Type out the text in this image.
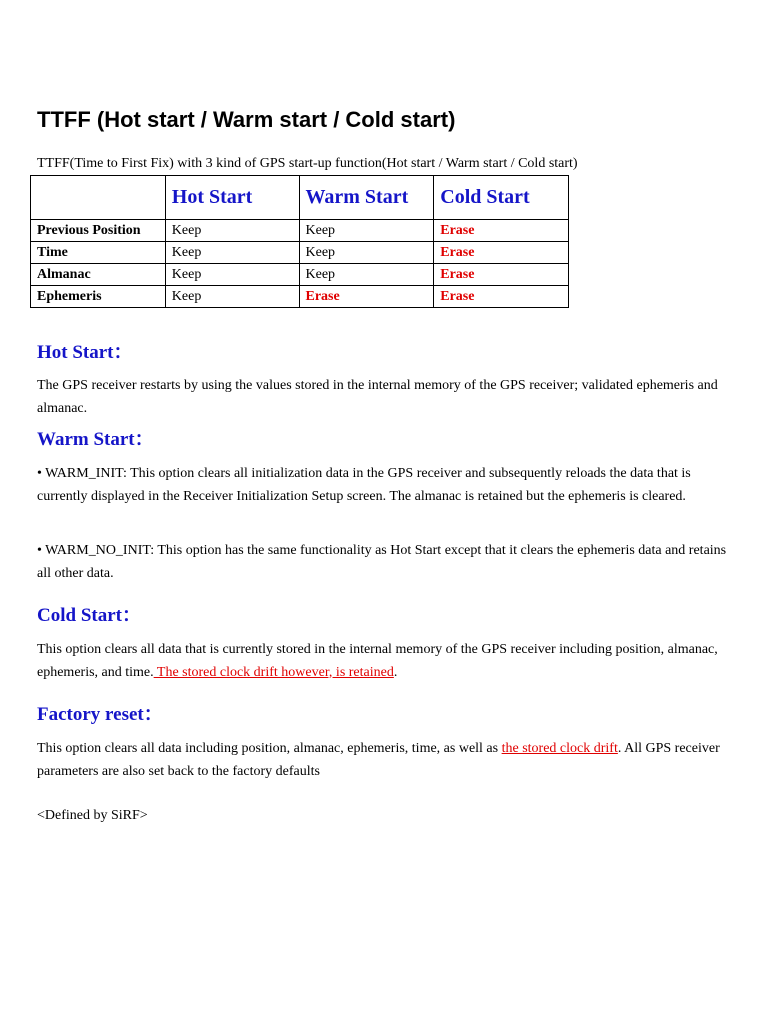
TTFF (Hot start / Warm start / Cold start)

TTFF(Time to First Fix) with 3 kind of GPS start-up function(Hot start / Warm start / Cold start)

	Hot Start	Warm Start	Cold Start
Previous Position	Keep	Keep	Erase
Time	Keep	Keep	Erase
Almanac	Keep	Keep	Erase
Ephemeris	Keep	Erase	Erase
Hot Start：

The GPS receiver restarts by using the values stored in the internal memory of the GPS receiver; validated ephemeris and almanac.

Warm Start：

• WARM_INIT: This option clears all initialization data in the GPS receiver and subsequently reloads the data that is currently displayed in the Receiver Initialization Setup screen. The almanac is retained but the ephemeris is cleared.

• WARM_NO_INIT: This option has the same functionality as Hot Start except that it clears the ephemeris data and retains all other data.

Cold Start：

This option clears all data that is currently stored in the internal memory of the GPS receiver including position, almanac, ephemeris, and time. The stored clock drift however, is retained.

Factory reset：

This option clears all data including position, almanac, ephemeris, time, as well as the stored clock drift. All GPS receiver parameters are also set back to the factory defaults

<Defined by SiRF>
